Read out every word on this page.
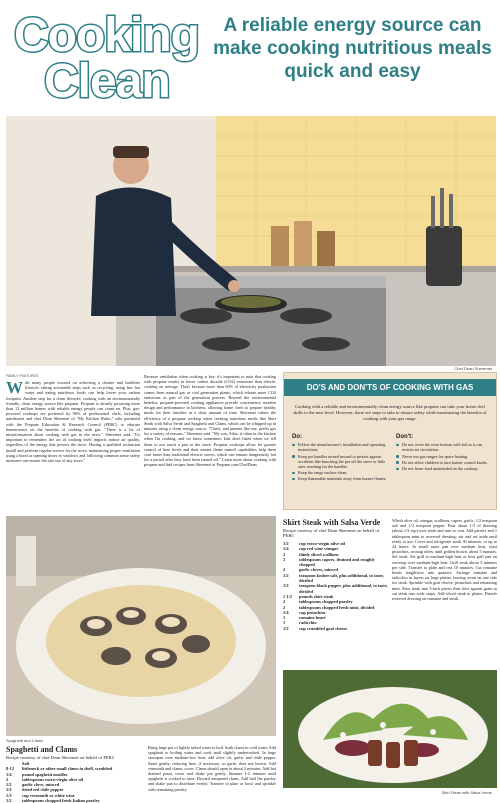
Cooking
Clean
A reliable energy source can make cooking nutritious meals quick and easy
Chef Dean Sheremet
FAMILY FEATURES
W ith many people focused on achieving a cleaner and healthier lifestyle, taking actionable steps such as recycling, using less hot water and eating nutritious foods can help lower your carbon footprint. Another step for a clean lifestyle: cooking with an environmentally friendly, clean energy source like propane. Propane is already powering more than 12 million homes with reliable energy people can count on. Plus, gas-powered cooktops are preferred by 96% of professional chefs, including nutritionist and chef Dean Sheremet of "My Kitchen Rules," who partnered with the Propane Education & Research Council (PERC) to educate homeowners on the benefits of cooking with gas. "There is a lot of misinformation about cooking with gas in the news," Sheremet said. "It's important to remember, the act of cooking itself impacts indoor air quality, regardless of the energy that powers the stove. Having a qualified technician install and perform regular service for the stove, maintaining proper ventilation using a hood or opening doors or windows and following common sense safety measures can ensure the safe use of any stove."
Because ventilation when cooking is key, it's important to note that cooking with propane results in fewer carbon dioxide (CO2) emissions than electric cooking on average. That's because more than 60% of electricity production comes from natural gas or coal generation plants, which release more CO2 emissions as part of the generation process. Beyond the environmental benefits, propane-powered cooking appliances provide convenience, modern design and performance in kitchens, allowing home chefs to prepare healthy meals for their families in a short amount of time. Sheremet values the efficiency of a propane cooktop when creating nutritious meals like Skirt Steak with Salsa Verde and Spaghetti and Clams, which can be whipped up in minutes using a clean energy source. "Chefs, and parents like me, prefer gas for a variety of reasons," Sheremet said. "My son, Atlas, is often in the kitchen when I'm cooking, and we know sometimes kids don't listen when we tell them to not touch a pan or the stove. Propane cooktops allow for greater control of heat levels and their instant flame turnoff capabilities help them cool faster than traditional electric stoves, which can remain dangerously hot for a period after they have been turned off." Learn more about cooking with propane and find recipes from Sheremet at Propane.com/ChefDean.
DO'S AND DON'TS OF COOKING WITH GAS
Cooking with a reliable and environmentally clean energy source like propane can take your home chef skills to the next level. However, there are steps to take to ensure safety while maximizing the benefits of cooking with your gas range.
Do:
Follow the manufacturer's installation and operating instructions.
Keep pot handles turned inward to protect against accidents like knocking the pot off the stove or little ones reaching for the handles.
Keep the range surface clean.
Keep flammable materials away from burner flames.
Don't:
Do not cover the oven bottom with foil as it can restrict air circulation.
Never use gas ranges for space heating.
Do not allow children to turn burner control knobs.
Do not leave food unattended on the cooktop.
Spaghetti and Clams
Skirt Steak with Salsa Verde
Recipe courtesy of chef Dean Sheremet on behalf of PERC
1/2	cup extra-virgin olive oil
1/4	cup red wine vinegar
2	thinly sliced scallions
3	tablespoons capers, drained and roughly chopped
2	garlic cloves, minced
1/2	teaspoon kosher salt, plus additional, to taste, divided
1/2	teaspoon black pepper, plus additional, to taste, divided
1 1/2	pounds skirt steak
2	tablespoons chopped parsley
2	tablespoons chopped fresh mint, divided
1/4	cup pistachios
1	romaine heart
1	radicchio
1/2	cup crumbled goat cheese
Whisk olive oil, vinegar, scallions, capers, garlic, 1/2 teaspoon salt and 1/2 teaspoon pepper. Pour about 1/3 of dressing (about 1/3 cup) over steak and turn to coat. Add parsley and 1 tablespoon mint to reserved dressing; stir and set aside until ready to use. Cover and refrigerate steak 30 minutes, or up to 24 hours. In small saute pan over medium heat, toast pistachios, tossing often, until golden brown, about 5 minutes. Set aside. Set grill to medium-high heat or heat grill pan on stovetop over medium-high heat. Grill steak about 5 minutes per side. Transfer to plate and rest 10 minutes. Cut romaine hearts lengthwise into quarters. Arrange romaine and radicchio in layers on large platter, leaving room on one side for steak. Sprinkle with goat cheese, pistachios and remaining mint. Slice steak into 3-inch pieces then slice against grain to cut steak into wide strips. Add sliced steak to platter. Drizzle reserved dressing on romaine and steak.
Skirt Steak with Salsa Verde
Spaghetti and Clams
Recipe courtesy of chef Dean Sheremet on behalf of PERC
Salt
8-12	littleneck or other small clams in shell, scrubbed
1/4	pound spaghetti noodles
2	tablespoons extra-virgin olive oil
1/2	garlic clove, minced
1/2	dried red chile pepper
1/3	cup vermouth or white wine
1/2	tablespoons chopped fresh Italian parsley
Bring large pot of lightly salted water to boil. Soak clams in cold water. Add spaghetti to boiling water and cook until slightly undercooked. In large saucepan over medium-low heat, add olive oil, garlic and chile pepper. Saute gently, reducing heat, if necessary, so garlic does not brown. Add vermouth and clams; cover. Clams should open in about 2 minutes. Add hot drained pasta, cover and shake pot gently. Simmer 1-2 minutes until spaghetti is cooked to taste. Discard unopened clams. Add half the parsley and shake pan to distribute evenly. Transfer to plate or bowl and sprinkle with remaining parsley.
